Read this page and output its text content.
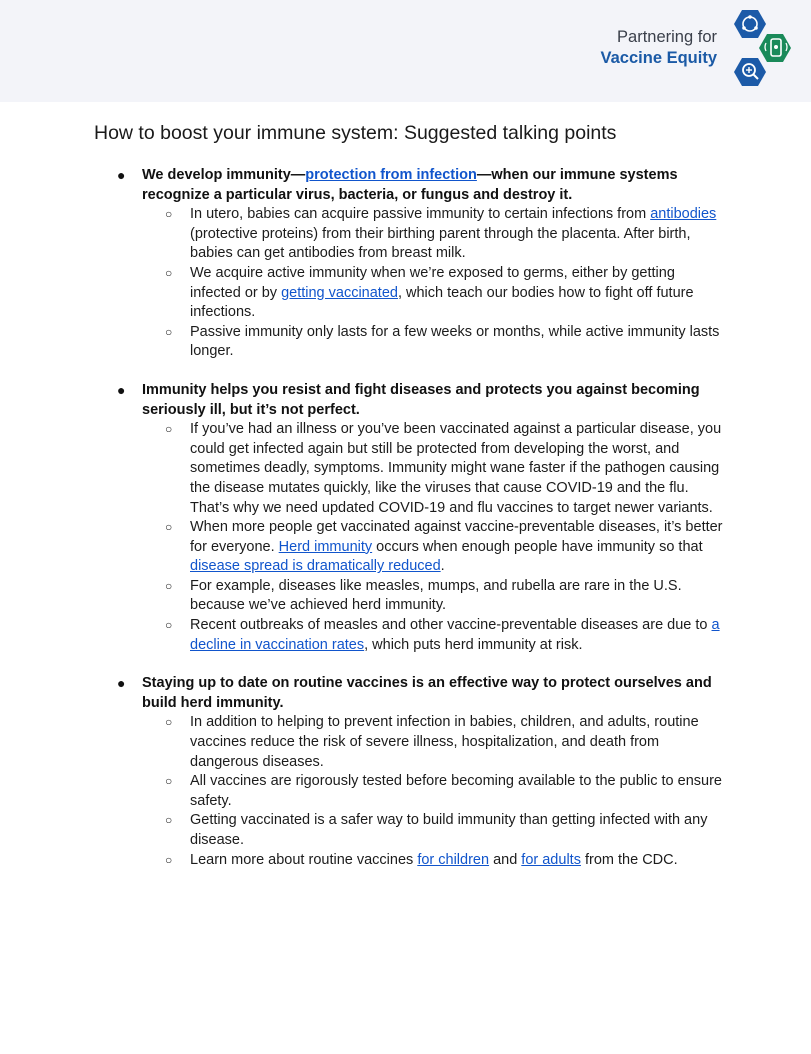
Partnering for
Vaccine Equity
How to boost your immune system: Suggested talking points
● We develop immunity—protection from infection—when our immune systems recognize a particular virus, bacteria, or fungus and destroy it.
○ In utero, babies can acquire passive immunity to certain infections from antibodies (protective proteins) from their birthing parent through the placenta. After birth, babies can get antibodies from breast milk.
○ We acquire active immunity when we’re exposed to germs, either by getting infected or by getting vaccinated, which teach our bodies how to fight off future infections.
○ Passive immunity only lasts for a few weeks or months, while active immunity lasts longer.
● Immunity helps you resist and fight diseases and protects you against becoming seriously ill, but it’s not perfect.
○ If you’ve had an illness or you’ve been vaccinated against a particular disease, you could get infected again but still be protected from developing the worst, and sometimes deadly, symptoms. Immunity might wane faster if the pathogen causing the disease mutates quickly, like the viruses that cause COVID-19 and the flu. That’s why we need updated COVID-19 and flu vaccines to target newer variants.
○ When more people get vaccinated against vaccine-preventable diseases, it’s better for everyone. Herd immunity occurs when enough people have immunity so that disease spread is dramatically reduced.
○ For example, diseases like measles, mumps, and rubella are rare in the U.S. because we’ve achieved herd immunity.
○ Recent outbreaks of measles and other vaccine-preventable diseases are due to a decline in vaccination rates, which puts herd immunity at risk.
● Staying up to date on routine vaccines is an effective way to protect ourselves and build herd immunity.
○ In addition to helping to prevent infection in babies, children, and adults, routine vaccines reduce the risk of severe illness, hospitalization, and death from dangerous diseases.
○ All vaccines are rigorously tested before becoming available to the public to ensure safety.
○ Getting vaccinated is a safer way to build immunity than getting infected with any disease.
○ Learn more about routine vaccines for children and for adults from the CDC.
